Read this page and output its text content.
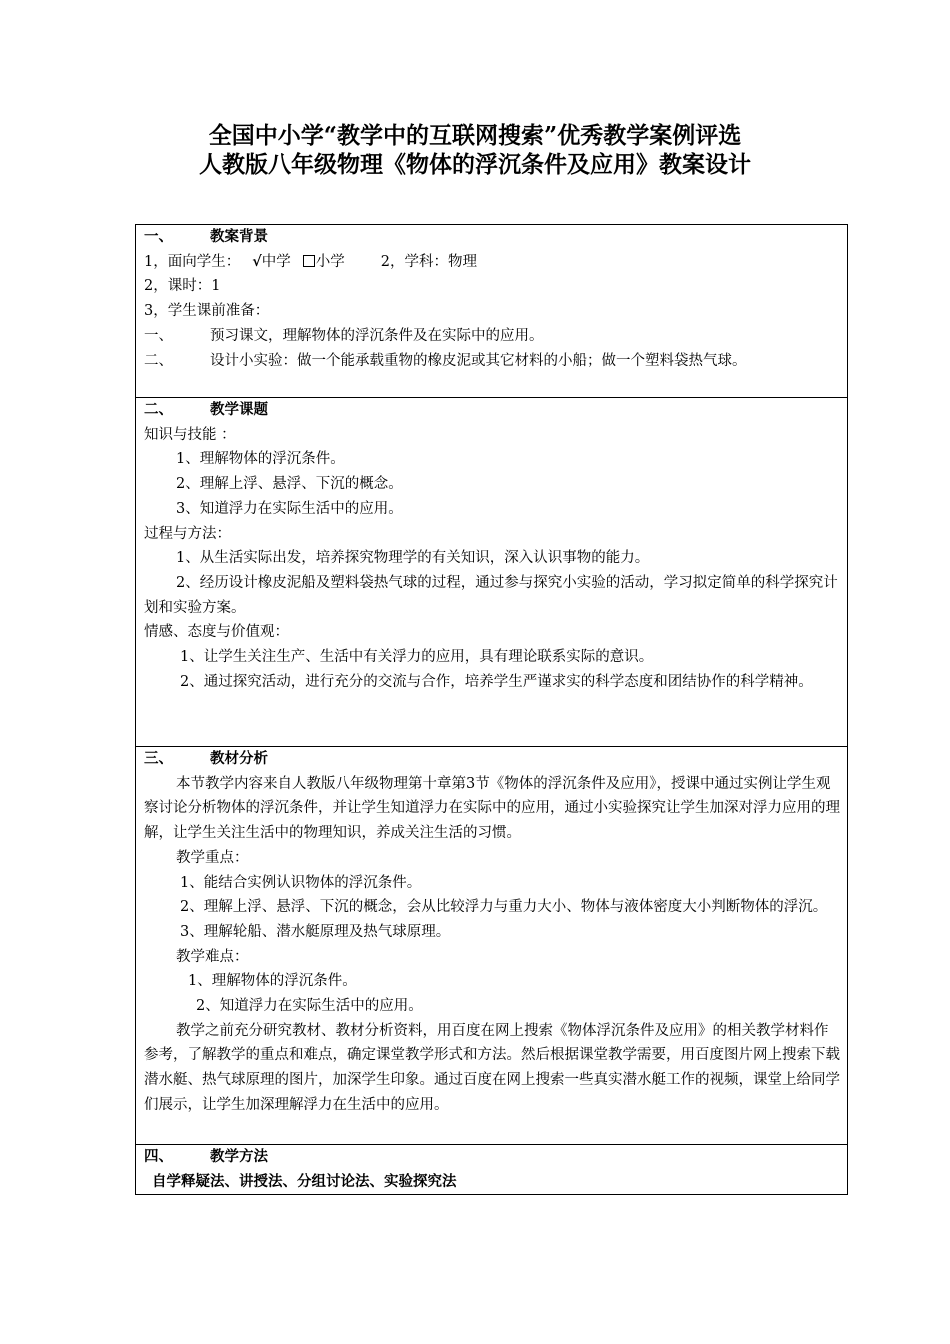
全国中小学“教学中的互联网搜索”优秀教学案例评选
人教版八年级物理《物体的浮沉条件及应用》教案设计

一、	教案背景

1，面向学生： √中学 小学 2，学科：物理

2，课时：1

3，学生课前准备：

一、	预习课文，理解物体的浮沉条件及在实际中的应用。

二、	设计小实验：做一个能承载重物的橡皮泥或其它材料的小船；做一个塑料袋热气球。

二、	教学课题

知识与技能 ：

1、理解物体的浮沉条件。

2、理解上浮、悬浮、下沉的概念。

3、知道浮力在实际生活中的应用。

过程与方法：

1、从生活实际出发，培养探究物理学的有关知识，深入认识事物的能力。

2、经历设计橡皮泥船及塑料袋热气球的过程，通过参与探究小实验的活动，学习拟定简单的科学探究计划和实验方案。

情感、态度与价值观：

1、让学生关注生产、生活中有关浮力的应用，具有理论联系实际的意识。

2、通过探究活动，进行充分的交流与合作，培养学生严谨求实的科学态度和团结协作的科学精神。

三、	教材分析

本节教学内容来自人教版八年级物理第十章第3节《物体的浮沉条件及应用》，授课中通过实例让学生观察讨论分析物体的浮沉条件，并让学生知道浮力在实际中的应用，通过小实验探究让学生加深对浮力应用的理解，让学生关注生活中的物理知识，养成关注生活的习惯。

教学重点：

1、能结合实例认识物体的浮沉条件。

2、理解上浮、悬浮、下沉的概念，会从比较浮力与重力大小、物体与液体密度大小判断物体的浮沉。

3、理解轮船、潜水艇原理及热气球原理。

教学难点：

1、理解物体的浮沉条件。

2、知道浮力在实际生活中的应用。

教学之前充分研究教材、教材分析资料，用百度在网上搜索《物体浮沉条件及应用》的相关教学材料作参考，了解教学的重点和难点，确定课堂教学形式和方法。然后根据课堂教学需要，用百度图片网上搜索下载潜水艇、热气球原理的图片，加深学生印象。通过百度在网上搜索一些真实潜水艇工作的视频，课堂上给同学们展示，让学生加深理解浮力在生活中的应用。

四、	教学方法

自学释疑法、讲授法、分组讨论法、实验探究法
